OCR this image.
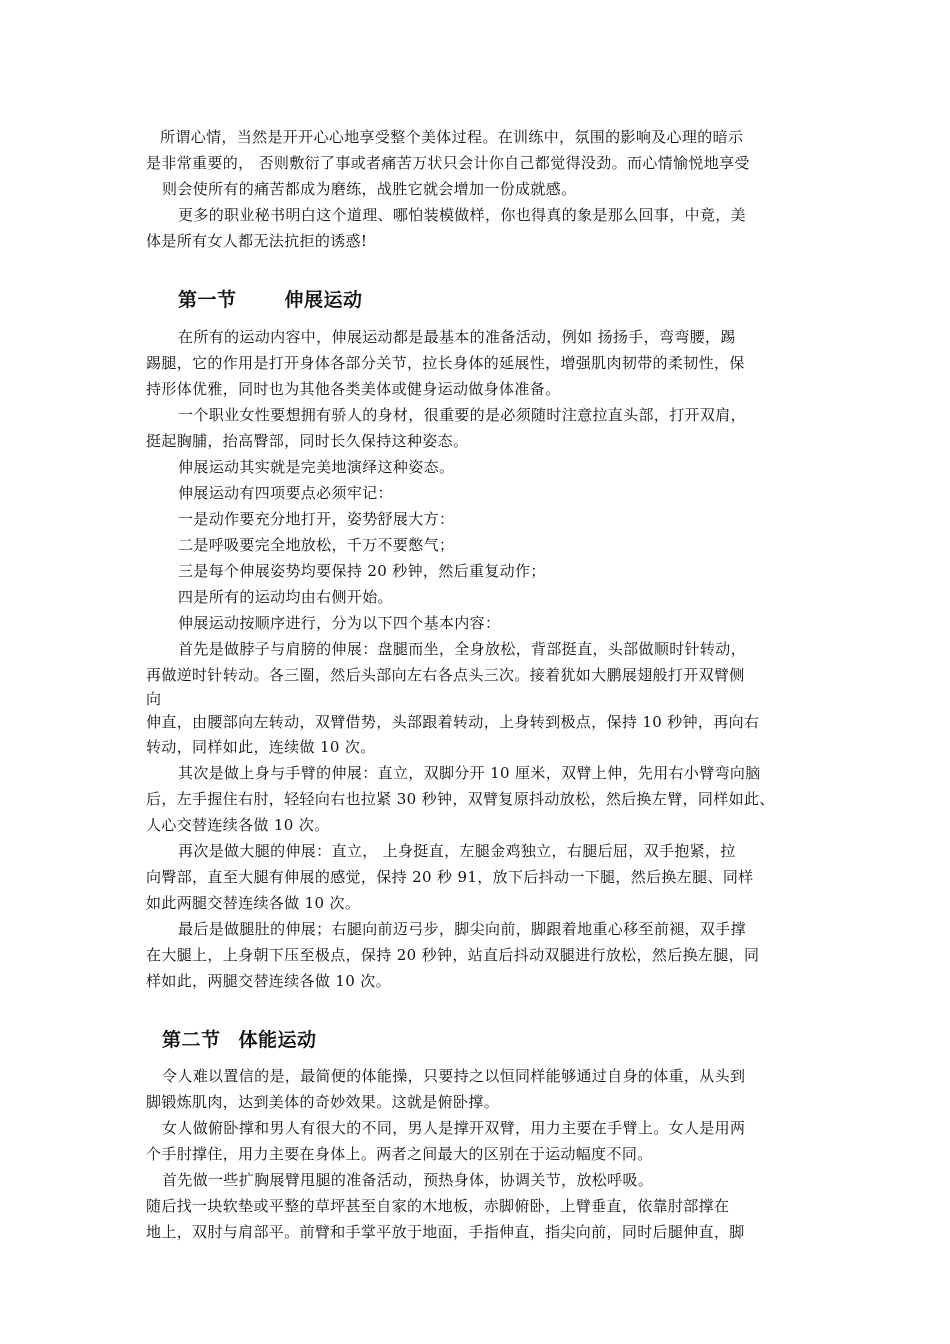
所谓心情，当然是开开心心地享受整个美体过程。在训练中，氛围的影响及心理的暗示
是非常重要的， 否则敷衍了事或者痛苦万状只会计你自己都觉得没劲。而心情愉悦地享受
则会使所有的痛苦都成为磨练，战胜它就会增加一份成就感。
更多的职业秘书明白这个道理、哪怕装模做样，你也得真的象是那么回事，中竟，美
体是所有女人都无法抗拒的诱惑!
第一节	伸展运动
在所有的运动内容中，伸展运动都是最基本的准备活动，例如 扬扬手，弯弯腰，踢
踢腿，它的作用是打开身体各部分关节，拉长身体的延展性，增强肌肉韧带的柔韧性，保
持形体优雅，同时也为其他各类美体或健身运动做身体准备。
一个职业女性要想拥有骄人的身材，很重要的是必须随时注意拉直头部，打开双肩，
挺起胸脯，抬高臀部，同时长久保持这种姿态。
伸展运动其实就是完美地演绎这种姿态。
伸展运动有四项要点必须牢记：
一是动作要充分地打开，姿势舒展大方：
二是呼吸要完全地放松，千万不要憋气；
三是每个伸展姿势均要保持 20 秒钟，然后重复动作；
四是所有的运动均由右侧开始。
伸展运动按顺序进行，分为以下四个基本内容：
首先是做脖子与肩膀的伸展：盘腿而坐，全身放松，背部挺直，头部做顺时针转动，
再做逆时针转动。各三圈，然后头部向左右各点头三次。接着犹如大鹏展翅般打开双臂侧
向
伸直，由腰部向左转动，双臂借势，头部跟着转动，上身转到极点，保持 10 秒钟，再向右
转动，同样如此，连续做 10 次。
其次是做上身与手臂的伸展：直立，双脚分开 10 厘米，双臂上伸，先用右小臂弯向脑
后，左手握住右肘，轻轻向右也拉紧 30 秒钟，双臂复原抖动放松，然后换左臂，同样如此、
人心交替连续各做 10 次。
再次是做大腿的伸展：直立， 上身挺直，左腿金鸡独立，右腿后屈，双手抱紧，拉
向臀部，直至大腿有伸展的感觉，保持 20 秒 91，放下后抖动一下腿，然后换左腿、同样
如此两腿交替连续各做 10 次。
最后是做腿肚的伸展；右腿向前迈弓步，脚尖向前，脚跟着地重心移至前褪，双手撑
在大腿上，上身朝下压至极点，保持 20 秒钟，站直后抖动双腿进行放松，然后换左腿，同
样如此，两腿交替连续各做 10 次。
第二节 体能运动
令人难以置信的是，最简便的体能操，只要持之以恒同样能够通过自身的体重，从头到
脚锻炼肌肉，达到美体的奇妙效果。这就是俯卧撑。
女人做俯卧撑和男人有很大的不同，男人是撑开双臂，用力主要在手臂上。女人是用两
个手肘撑住，用力主要在身体上。两者之间最大的区别在于运动幅度不同。
首先做一些扩胸展臂甩腿的准备活动，预热身体，协调关节，放松呼吸。
随后找一块软垫或平整的草坪甚至自家的木地板，赤脚俯卧，上臂垂直，依靠肘部撑在
地上，双肘与肩部平。前臂和手掌平放于地面，手指伸直，指尖向前，同时后腿伸直，脚
